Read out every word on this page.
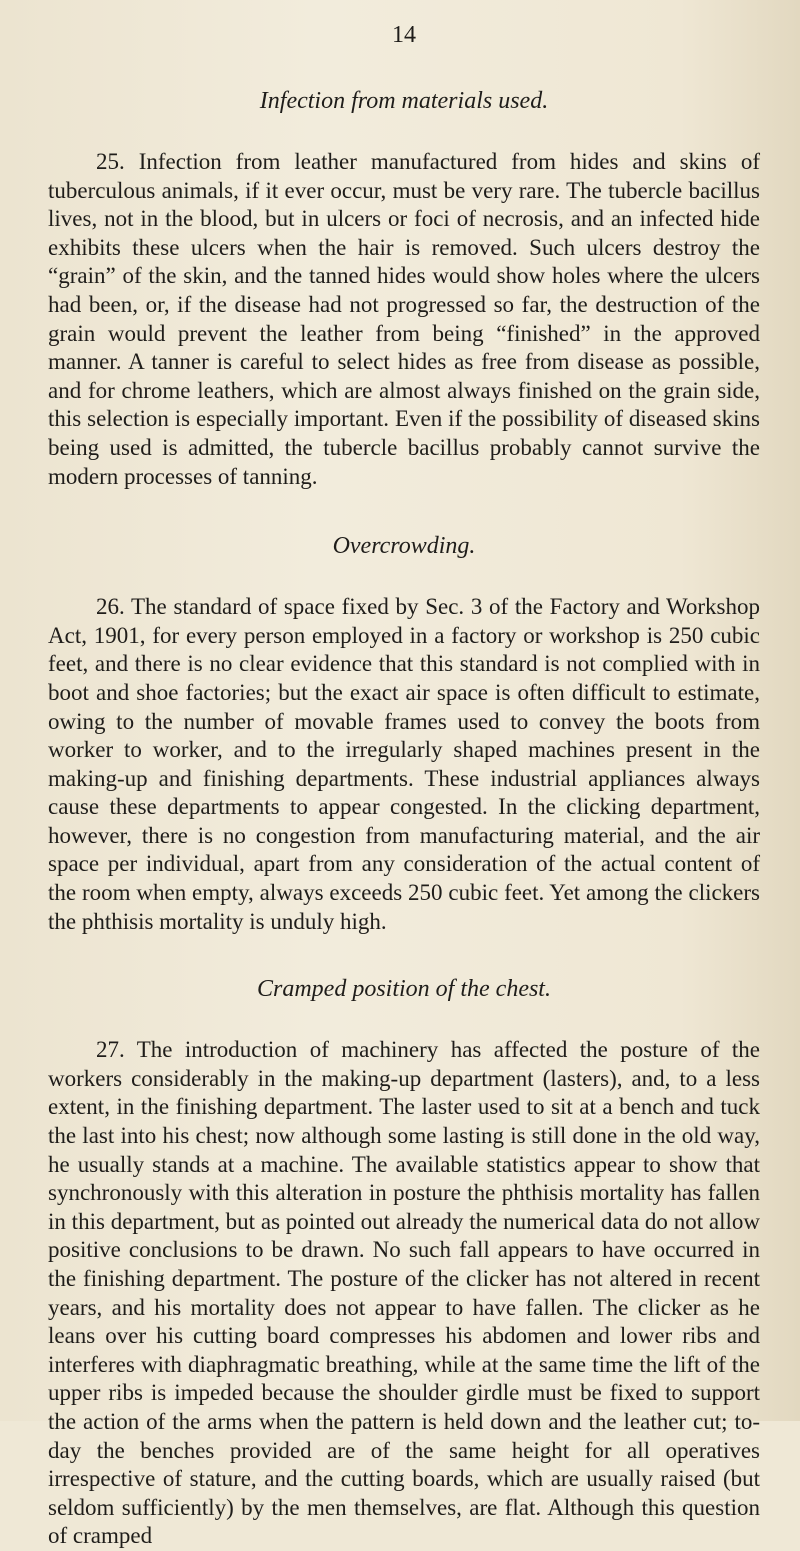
14
Infection from materials used.

25. Infection from leather manufactured from hides and skins of tuberculous animals, if it ever occur, must be very rare. The tubercle bacillus lives, not in the blood, but in ulcers or foci of necrosis, and an infected hide exhibits these ulcers when the hair is removed. Such ulcers destroy the “grain” of the skin, and the tanned hides would show holes where the ulcers had been, or, if the disease had not progressed so far, the destruction of the grain would prevent the leather from being “finished” in the approved manner. A tanner is careful to select hides as free from disease as possible, and for chrome leathers, which are almost always finished on the grain side, this selection is especially important. Even if the possibility of diseased skins being used is admitted, the tubercle bacillus probably cannot survive the modern processes of tanning.

Overcrowding.

26. The standard of space fixed by Sec. 3 of the Factory and Workshop Act, 1901, for every person employed in a factory or workshop is 250 cubic feet, and there is no clear evidence that this standard is not complied with in boot and shoe factories; but the exact air space is often difficult to estimate, owing to the number of movable frames used to convey the boots from worker to worker, and to the irregularly shaped machines present in the making-up and finishing departments. These industrial appliances always cause these departments to appear congested. In the clicking department, however, there is no congestion from manufacturing material, and the air space per individual, apart from any consideration of the actual content of the room when empty, always exceeds 250 cubic feet. Yet among the clickers the phthisis mortality is unduly high.

Cramped position of the chest.

27. The introduction of machinery has affected the posture of the workers considerably in the making-up department (lasters), and, to a less extent, in the finishing department. The laster used to sit at a bench and tuck the last into his chest; now although some lasting is still done in the old way, he usually stands at a machine. The available statistics appear to show that synchronously with this alteration in posture the phthisis mortality has fallen in this department, but as pointed out already the numerical data do not allow positive conclusions to be drawn. No such fall appears to have occurred in the finishing department. The posture of the clicker has not altered in recent years, and his mortality does not appear to have fallen. The clicker as he leans over his cutting board compresses his abdomen and lower ribs and interferes with diaphragmatic breathing, while at the same time the lift of the upper ribs is impeded because the shoulder girdle must be fixed to support the action of the arms when the pattern is held down and the leather cut; to-day the benches provided are of the same height for all operatives irrespective of stature, and the cutting boards, which are usually raised (but seldom sufficiently) by the men themselves, are flat. Although this question of cramped
